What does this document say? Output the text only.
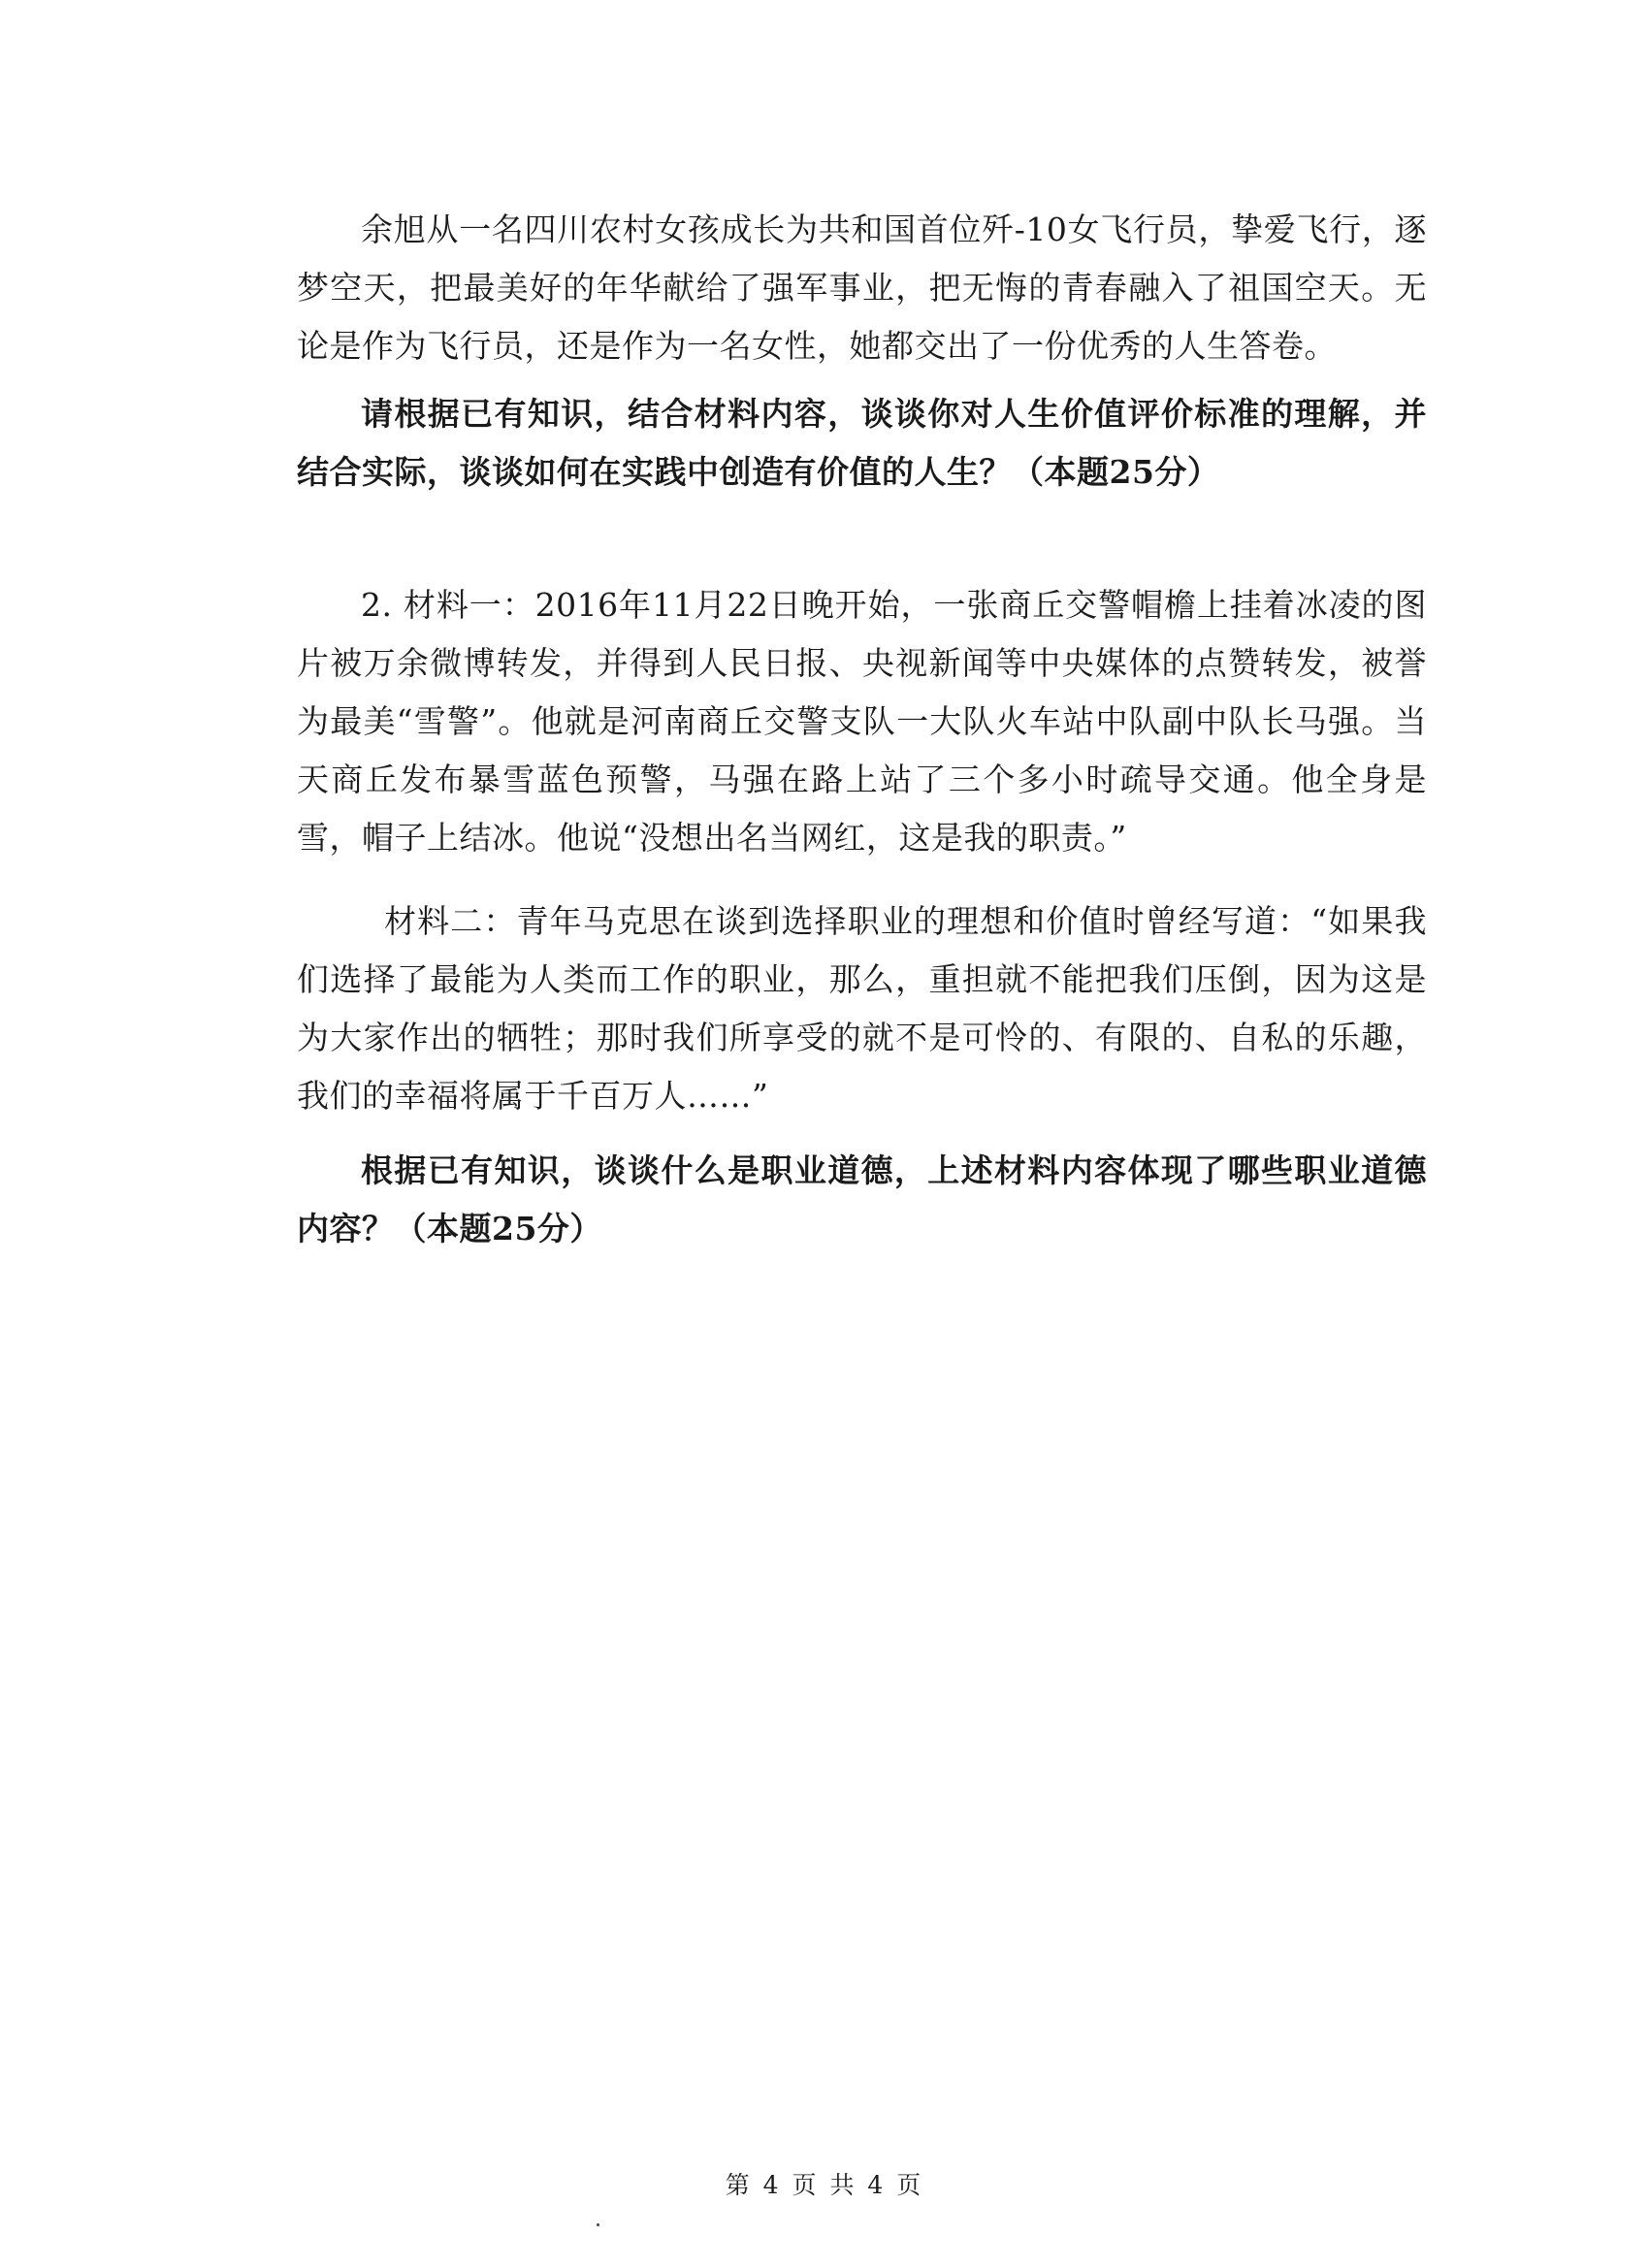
余旭从一名四川农村女孩成长为共和国首位歼-10女飞行员，挚爱飞行，逐梦空天，把最美好的年华献给了强军事业，把无悔的青春融入了祖国空天。无论是作为飞行员，还是作为一名女性，她都交出了一份优秀的人生答卷。

请根据已有知识，结合材料内容，谈谈你对人生价值评价标准的理解，并结合实际，谈谈如何在实践中创造有价值的人生？（本题25分）

2. 材料一：2016年11月22日晚开始，一张商丘交警帽檐上挂着冰凌的图片被万余微博转发，并得到人民日报、央视新闻等中央媒体的点赞转发，被誉为最美“雪警”。他就是河南商丘交警支队一大队火车站中队副中队长马强。当天商丘发布暴雪蓝色预警，马强在路上站了三个多小时疏导交通。他全身是雪，帽子上结冰。他说“没想出名当网红，这是我的职责。”

材料二：青年马克思在谈到选择职业的理想和价值时曾经写道：“如果我们选择了最能为人类而工作的职业，那么，重担就不能把我们压倒，因为这是为大家作出的牺牲；那时我们所享受的就不是可怜的、有限的、自私的乐趣，我们的幸福将属于千百万人……”

根据已有知识，谈谈什么是职业道德，上述材料内容体现了哪些职业道德内容？（本题25分）

第 4 页 共 4 页
